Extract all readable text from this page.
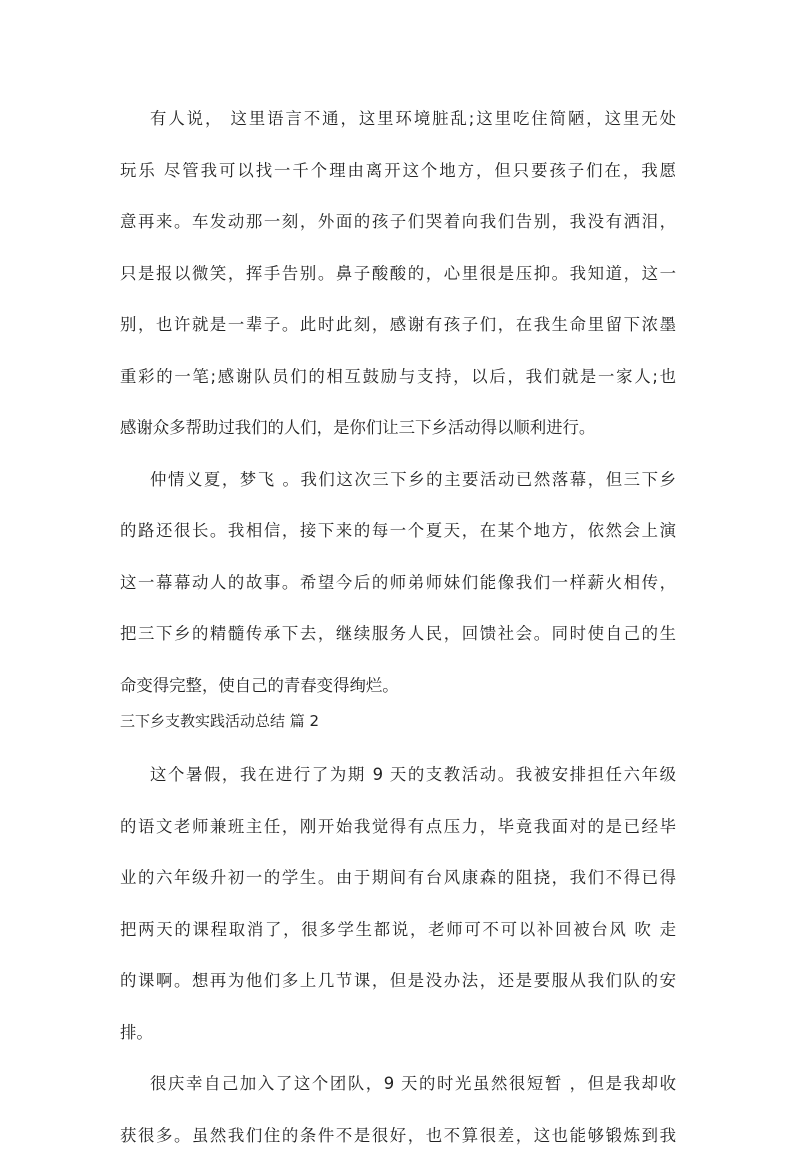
有人说， 这里语言不通，这里环境脏乱;这里吃住简陋，这里无处
玩乐 尽管我可以找一千个理由离开这个地方，但只要孩子们在，我愿
意再来。车发动那一刻，外面的孩子们哭着向我们告别，我没有洒泪，
只是报以微笑，挥手告别。鼻子酸酸的，心里很是压抑。我知道，这一
别，也许就是一辈子。此时此刻，感谢有孩子们，在我生命里留下浓墨
重彩的一笔;感谢队员们的相互鼓励与支持，以后，我们就是一家人;也
感谢众多帮助过我们的人们，是你们让三下乡活动得以顺利进行。
仲情义夏，梦飞 。我们这次三下乡的主要活动已然落幕，但三下乡
的路还很长。我相信，接下来的每一个夏天，在某个地方，依然会上演
这一幕幕动人的故事。希望今后的师弟师妹们能像我们一样薪火相传，
把三下乡的精髓传承下去，继续服务人民，回馈社会。同时使自己的生
命变得完整，使自己的青春变得绚烂。
三下乡支教实践活动总结 篇 2
这个暑假，我在进行了为期 9 天的支教活动。我被安排担任六年级
的语文老师兼班主任，刚开始我觉得有点压力，毕竟我面对的是已经毕
业的六年级升初一的学生。由于期间有台风康森的阻挠，我们不得已得
把两天的课程取消了，很多学生都说，老师可不可以补回被台风 吹 走
的课啊。想再为他们多上几节课，但是没办法，还是要服从我们队的安
排。
很庆幸自己加入了这个团队，9 天的时光虽然很短暂 ，但是我却收
获很多。虽然我们住的条件不是很好，也不算很差，这也能够锻炼到我
